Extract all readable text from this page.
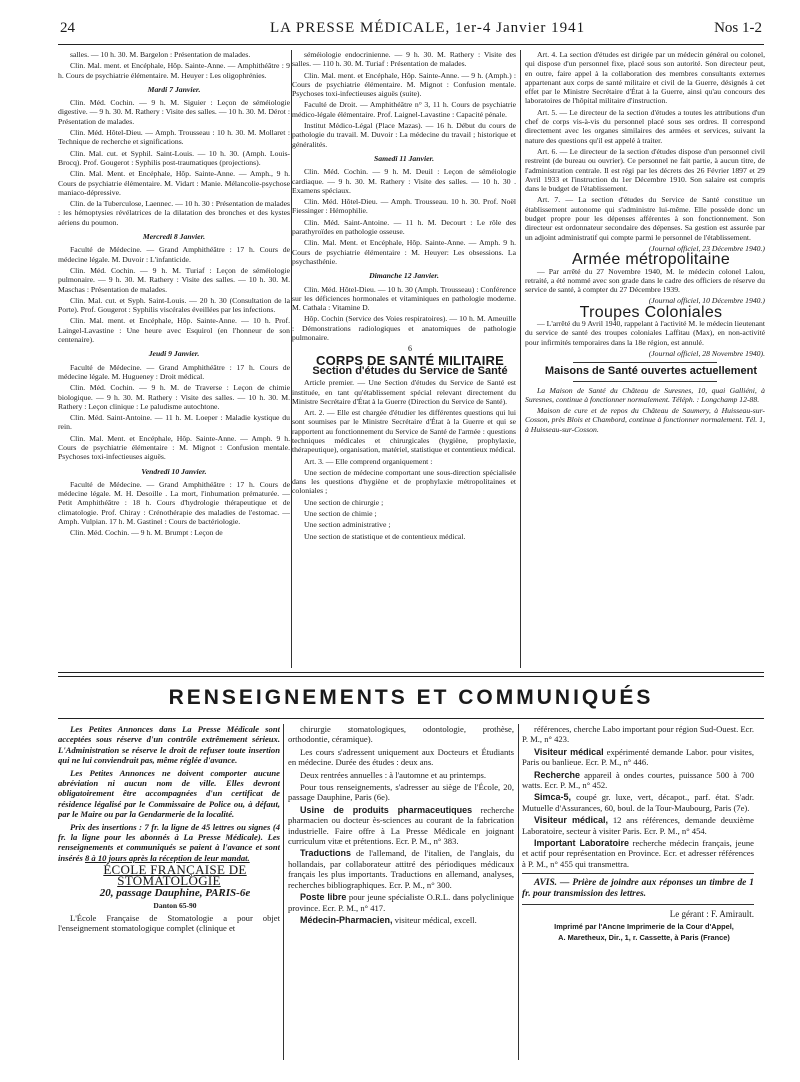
24	LA PRESSE MÉDICALE, 1er-4 Janvier 1941	Nos 1-2

salles. — 10 h. 30. M. Bargelon : Présentation de malades.

Clin. Mal. ment. et Encéphale, Hôp. Sainte-Anne. — Amphithéâtre : 9 h. Cours de psychiatrie élémentaire. M. Heuyer : Les oligophrénies.

Mardi 7 Janvier.

Clin. Méd. Cochin. — 9 h. M. Siguier : Leçon de séméiologie digestive. — 9 h. 30. M. Rathery : Visite des salles. — 10 h. 30. M. Dérot : Présentation de malades.

Clin. Méd. Hôtel-Dieu. — Amph. Trousseau : 10 h. 30. M. Mollaret : Technique de recherche et significations.

Clin. Mal. cut. et Syphil. Saint-Louis. — 10 h. 30. (Amph. Louis-Brocq). Prof. Gougerot : Syphilis post-traumatiques (projections).

Clin. Mal. Ment. et Encéphale, Hôp. Sainte-Anne. — Amph., 9 h. Cours de psychiatrie élémentaire. M. Vidart : Manie. Mélancolie-psychose maniaco-dépressive.

Clin. de la Tuberculose, Laennec. — 10 h. 30 : Présentation de malades : les hémoptysies révélatrices de la dilatation des bronches et des kystes aériens du poumon.

Mercredi 8 Janvier.

Faculté de Médecine. — Grand Amphithéâtre : 17 h. Cours de médecine légale. M. Duvoir : L'infanticide.

Clin. Méd. Cochin. — 9 h. M. Turiaf : Leçon de séméiologie pulmonaire. — 9 h. 30. M. Rathery : Visite des salles. — 10 h. 30. M. Maschas : Présentation de malades.

Clin. Mal. cut. et Syph. Saint-Louis. — 20 h. 30 (Consultation de la Porte). Prof. Gougerot : Syphilis viscérales éveillées par les infections.

Clin. Mal. ment. et Encéphale, Hôp. Sainte-Anne. — 10 h. Prof. Laingel-Lavastine : Une heure avec Esquirol (en l'honneur de son centenaire).

Jeudi 9 Janvier.

Faculté de Médecine. — Grand Amphithéâtre : 17 h. Cours de médecine légale. M. Hugueney : Droit médical.

Clin. Méd. Cochin. — 9 h. M. de Traverse : Leçon de chimie biologique. — 9 h. 30. M. Rathery : Visite des salles. — 10 h. 30. M. Rathery : Leçon clinique : Le paludisme autochtone.

Clin. Méd. Saint-Antoine. — 11 h. M. Loeper : Maladie kystique du rein.

Clin. Mal. Ment. et Encéphale, Hôp. Sainte-Anne. — Amph. 9 h. Cours de psychiatrie élémentaire : M. Mignot : Confusion mentale. Psychoses toxi-infectieuses aiguës.

Vendredi 10 Janvier.

Faculté de Médecine. — Grand Amphithéâtre : 17 h. Cours de médecine légale. M. H. Desoille . La mort, l'inhumation prématurée. — Petit Amphithéâtre : 18 h. Cours d'hydrologie thérapeutique et de climatologie. Prof. Chiray : Crénothérapie des maladies de l'estomac. — Amph. Vulpian. 17 h. M. Gastinel : Cours de bactériologie.

Clin. Méd. Cochin. — 9 h. M. Brumpt : Leçon de

séméiologie endocrinienne. — 9 h. 30. M. Rathery : Visite des salles. — 110 h. 30. M. Turiaf : Présentation de malades.

Clin. Mal. ment. et Encéphale, Hôp. Sainte-Anne. — 9 h. (Amph.) : Cours de psychiatrie élémentaire. M. Mignot : Confusion mentale. Psychoses toxi-infectieuses aiguës (suite).

Faculté de Droit. — Amphithéâtre n° 3, 11 h. Cours de psychiatrie médico-légale élémentaire. Prof. Laignel-Lavastine : Capacité pénale.

Institut Médico-Légal (Place Mazas). — 16 h. Début du cours de pathologie du travail. M. Duvoir : La médecine du travail ; historique et généralités.

Samedi 11 Janvier.

Clin. Méd. Cochin. — 9 h. M. Deuil : Leçon de séméiologie cardiaque. — 9 h. 30. M. Rathery : Visite des salles. — 10 h. 30 . Examens spéciaux.

Clin. Méd. Hôtel-Dieu. — Amph. Trousseau. 10 h. 30. Prof. Noël Fiessinger : Hémophilie.

Clin. Méd. Saint-Antoine. — 11 h. M. Decourt : Le rôle des parathyroïdes en pathologie osseuse.

Clin. Mal. Ment. et Encéphale, Hôp. Sainte-Anne. — Amph. 9 h. Cours de psychiatrie élémentaire : M. Heuyer: Les obsessions. La psychasthénie.

Dimanche 12 Janvier.

Clin. Méd. Hôtel-Dieu. — 10 h. 30 (Amph. Trousseau) : Conférence sur les déficiences hormonales et vitaminiques en pathologie moderne. M. Cathala : Vitamine D.

Hôp. Cochin (Service des Voies respiratoires). — 10 h. M. Ameuille : Démonstrations radiologiques et anatomiques de pathologie pulmonaire.

6

CORPS DE SANTÉ MILITAIRE

Section d'études du Service de Santé

Article premier. — Une Section d'études du Service de Santé est instituée, en tant qu'établissement spécial relevant directement du Ministre Secrétaire d'État à la Guerre (Direction du Service de Santé).

Art. 2. — Elle est chargée d'étudier les différentes questions qui lui sont soumises par le Ministre Secrétaire d'État à la Guerre et qui se rapportent au fonctionnement du Service de Santé de l'armée : questions techniques médicales et chirurgicales (hygiène, prophylaxie, thérapeutique), organisation, matériel, statistique et contentieux médical.

Art. 3. — Elle comprend organiquement :

Une section de médecine comportant une sous-direction spécialisée dans les questions d'hygiène et de prophylaxie métropolitaines et coloniales ;

Une section de chirurgie ;

Une section de chimie ;

Une section administrative ;

Une section de statistique et de contentieux médical.

Art. 4. La section d'études est dirigée par un médecin général ou colonel, qui dispose d'un personnel fixe, placé sous son autorité. Son directeur peut, en outre, faire appel à la collaboration des membres consultants externes appartenant aux corps de santé militaire et civil de la Guerre, désignés à cet effet par le Ministre Secrétaire d'État à la Guerre, ainsi qu'au concours des laboratoires de l'hôpital militaire d'instruction.

Art. 5. — Le directeur de la section d'études a toutes les attributions d'un chef de corps vis-à-vis du personnel placé sous ses ordres. Il correspond directement avec les organes similaires des armées et services, suivant la nature des questions qu'il est appelé à traiter.

Art. 6. — Le directeur de la section d'études dispose d'un personnel civil restreint (de bureau ou ouvrier). Ce personnel ne fait partie, à aucun titre, de l'administration centrale. Il est régi par les décrets des 26 Février 1897 et 29 Avril 1933 et l'instruction du 1er Décembre 1910. Son salaire est compris dans le budget de l'établissement.

Art. 7. — La section d'études du Service de Santé constitue un établissement autonome qui s'administre lui-même. Elle possède donc un budget propre pour les dépenses afférentes à son fonctionnement. Son directeur est ordonnateur secondaire des dépenses. Sa gestion est assurée par un adjoint administratif qui compte parmi le personnel de l'établissement.

(Journal officiel, 23 Décembre 1940.)

Armée métropolitaine

— Par arrêté du 27 Novembre 1940, M. le médecin colonel Lalou, retraité, a été nommé avec son grade dans le cadre des officiers de réserve du service de santé, à compter du 27 Décembre 1939.

(Journal officiel, 10 Décembre 1940.)

Troupes Coloniales

— L'arrêté du 9 Avril 1940, rappelant à l'activité M. le médecin lieutenant du service de santé des troupes coloniales Laffitau (Max), en non-activité pour infirmités temporaires dans la 18e région, est annulé.

(Journal officiel, 28 Novembre 1940).

Maisons de Santé ouvertes actuellement

La Maison de Santé du Château de Suresnes, 10, quai Galliéni, à Suresnes, continue à fonctionner normalement. Téléph. : Longchamp 12-88.

Maison de cure et de repos du Château de Saumery, à Huisseau-sur-Cosson, près Blois et Chambord, continue à fonctionner normalement. Tél. 1, à Huisseau-sur-Cosson.

RENSEIGNEMENTS ET COMMUNIQUÉS

Les Petites Annonces dans La Presse Médicale sont acceptées sous réserve d'un contrôle extrêmement sérieux. L'Administration se réserve le droit de refuser toute insertion qui ne lui conviendrait pas, même réglée d'avance.

Les Petites Annonces ne doivent comporter aucune abréviation ni aucun nom de ville. Elles devront obligatoirement être accompagnées d'un certificat de résidence légalisé par le Commissaire de Police ou, à défaut, par le Maire ou par la Gendarmerie de la localité.

Prix des insertions : 7 fr. la ligne de 45 lettres ou signes (4 fr. la ligne pour les abonnés à La Presse Médicale). Les renseignements et communiqués se paient à l'avance et sont insérés 8 à 10 jours après la réception de leur mandat.

ÉCOLE FRANÇAISE DE STOMATOLOGIE

20, passage Dauphine, PARIS-6e

Danton 65-90

L'École Française de Stomatologie a pour objet l'enseignement stomatologique complet (clinique et

chirurgie stomatologiques, odontologie, prothèse, orthodontie, céramique).

Les cours s'adressent uniquement aux Docteurs et Étudiants en médecine. Durée des études : deux ans.

Deux rentrées annuelles : à l'automne et au printemps.

Pour tous renseignements, s'adresser au siège de l'École, 20, passage Dauphine, Paris (6e).

Usine de produits pharmaceutiques recherche pharmacien ou docteur ès-sciences au courant de la fabrication industrielle. Faire offre à La Presse Médicale en joignant curriculum vitæ et prétentions. Ecr. P. M., n° 383.

Traductions de l'allemand, de l'italien, de l'anglais, du hollandais, par collaborateur attitré des périodiques médicaux français les plus importants. Traductions en allemand, analyses, recherches bibliographiques. Ecr. P. M., n° 300.

Poste libre pour jeune spécialiste O.R.L. dans polyclinique province. Ecr. P. M., n° 417.

Médecin-Pharmacien, visiteur médical, excell.

références, cherche Labo important pour région Sud-Ouest. Ecr. P. M., n° 423.

Visiteur médical expérimenté demande Labor. pour visites, Paris ou banlieue. Ecr. P. M., n° 446.

Recherche appareil à ondes courtes, puissance 500 à 700 watts. Ecr. P. M., n° 452.

Simca-5, coupé gr. luxe, vert, décapot., parf. état. S'adr. Mutuelle d'Assurances, 60, boul. de la Tour-Maubourg, Paris (7e).

Visiteur médical, 12 ans références, demande deuxième Laboratoire, secteur à visiter Paris. Ecr. P. M., n° 454.

Important Laboratoire recherche médecin français, jeune et actif pour représentation en Province. Ecr. et adresser références à P. M., n° 455 qui transmettra.

AVIS. — Prière de joindre aux réponses un timbre de 1 fr. pour transmission des lettres.

Le gérant : F. Amirault.

Imprimé par l'Ancne Imprimerie de la Cour d'Appel,

A. Maretheux, Dir., 1, r. Cassette, à Paris (France)
